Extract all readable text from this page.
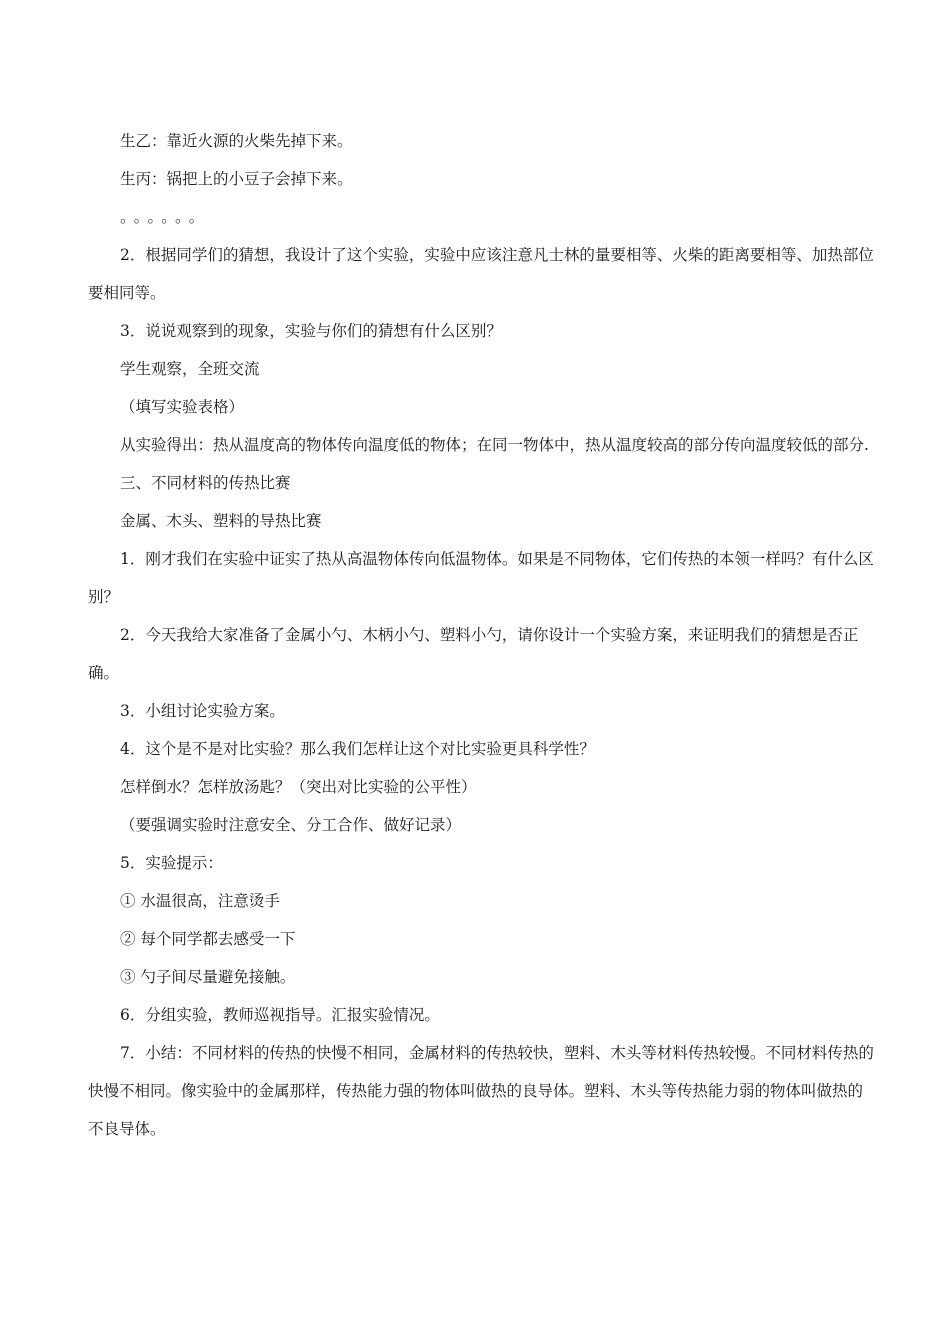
生乙：靠近火源的火柴先掉下来。

生丙：锅把上的小豆子会掉下来。

。。。。。。

2．根据同学们的猜想，我设计了这个实验，实验中应该注意凡士林的量要相等、火柴的距离要相等、加热部位要相同等。

3．说说观察到的现象，实验与你们的猜想有什么区别？

学生观察，全班交流

（填写实验表格）

从实验得出：热从温度高的物体传向温度低的物体；在同一物体中，热从温度较高的部分传向温度较低的部分.

三、不同材料的传热比赛

金属、木头、塑料的导热比赛

1．刚才我们在实验中证实了热从高温物体传向低温物体。如果是不同物体，它们传热的本领一样吗？有什么区别？

2．今天我给大家准备了金属小勺、木柄小勺、塑料小勺，请你设计一个实验方案，来证明我们的猜想是否正确。

3．小组讨论实验方案。

4．这个是不是对比实验？那么我们怎样让这个对比实验更具科学性？

怎样倒水？怎样放汤匙？（突出对比实验的公平性）

（要强调实验时注意安全、分工合作、做好记录）

5．实验提示：

① 水温很高，注意烫手

② 每个同学都去感受一下

③ 勺子间尽量避免接触。

6．分组实验，教师巡视指导。汇报实验情况。

7．小结：不同材料的传热的快慢不相同，金属材料的传热较快，塑料、木头等材料传热较慢。不同材料传热的快慢不相同。像实验中的金属那样，传热能力强的物体叫做热的良导体。塑料、木头等传热能力弱的物体叫做热的不良导体。
